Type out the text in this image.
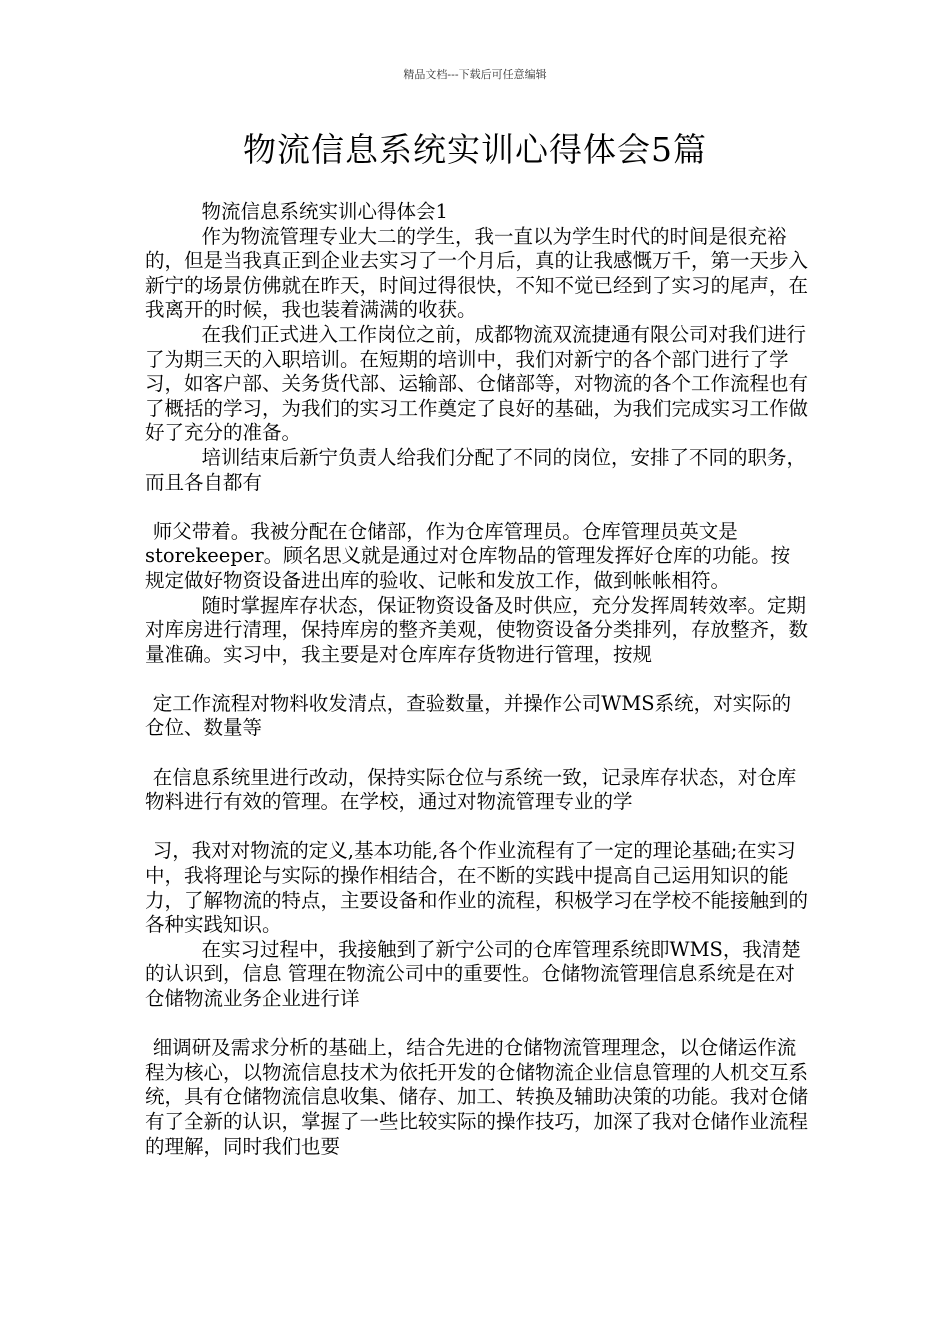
精品文档---下载后可任意编辑
物流信息系统实训心得体会5篇

物流信息系统实训心得体会1

作为物流管理专业大二的学生，我一直以为学生时代的时间是很充裕的，但是当我真正到企业去实习了一个月后，真的让我感慨万千，第一天步入新宁的场景仿佛就在昨天，时间过得很快，不知不觉已经到了实习的尾声，在我离开的时候，我也装着满满的收获。

在我们正式进入工作岗位之前，成都物流双流捷通有限公司对我们进行了为期三天的入职培训。在短期的培训中，我们对新宁的各个部门进行了学习，如客户部、关务货代部、运输部、仓储部等，对物流的各个工作流程也有了概括的学习，为我们的实习工作奠定了良好的基础，为我们完成实习工作做好了充分的准备。

培训结束后新宁负责人给我们分配了不同的岗位，安排了不同的职务，而且各自都有

师父带着。我被分配在仓储部，作为仓库管理员。仓库管理员英文是storekeeper。顾名思义就是通过对仓库物品的管理发挥好仓库的功能。按规定做好物资设备进出库的验收、记帐和发放工作，做到帐帐相符。

随时掌握库存状态，保证物资设备及时供应，充分发挥周转效率。定期对库房进行清理，保持库房的整齐美观，使物资设备分类排列，存放整齐，数量准确。实习中，我主要是对仓库库存货物进行管理，按规

定工作流程对物料收发清点，查验数量，并操作公司WMS系统，对实际的仓位、数量等

在信息系统里进行改动，保持实际仓位与系统一致，记录库存状态，对仓库物料进行有效的管理。在学校，通过对物流管理专业的学

习，我对对物流的定义,基本功能,各个作业流程有了一定的理论基础;在实习中，我将理论与实际的操作相结合，在不断的实践中提高自己运用知识的能力，了解物流的特点，主要设备和作业的流程，积极学习在学校不能接触到的各种实践知识。

在实习过程中，我接触到了新宁公司的仓库管理系统即WMS，我清楚的认识到，信息 管理在物流公司中的重要性。仓储物流管理信息系统是在对仓储物流业务企业进行详

细调研及需求分析的基础上，结合先进的仓储物流管理理念，以仓储运作流程为核心，以物流信息技术为依托开发的仓储物流企业信息管理的人机交互系统，具有仓储物流信息收集、储存、加工、转换及辅助决策的功能。我对仓储有了全新的认识，掌握了一些比较实际的操作技巧，加深了我对仓储作业流程的理解，同时我们也要
